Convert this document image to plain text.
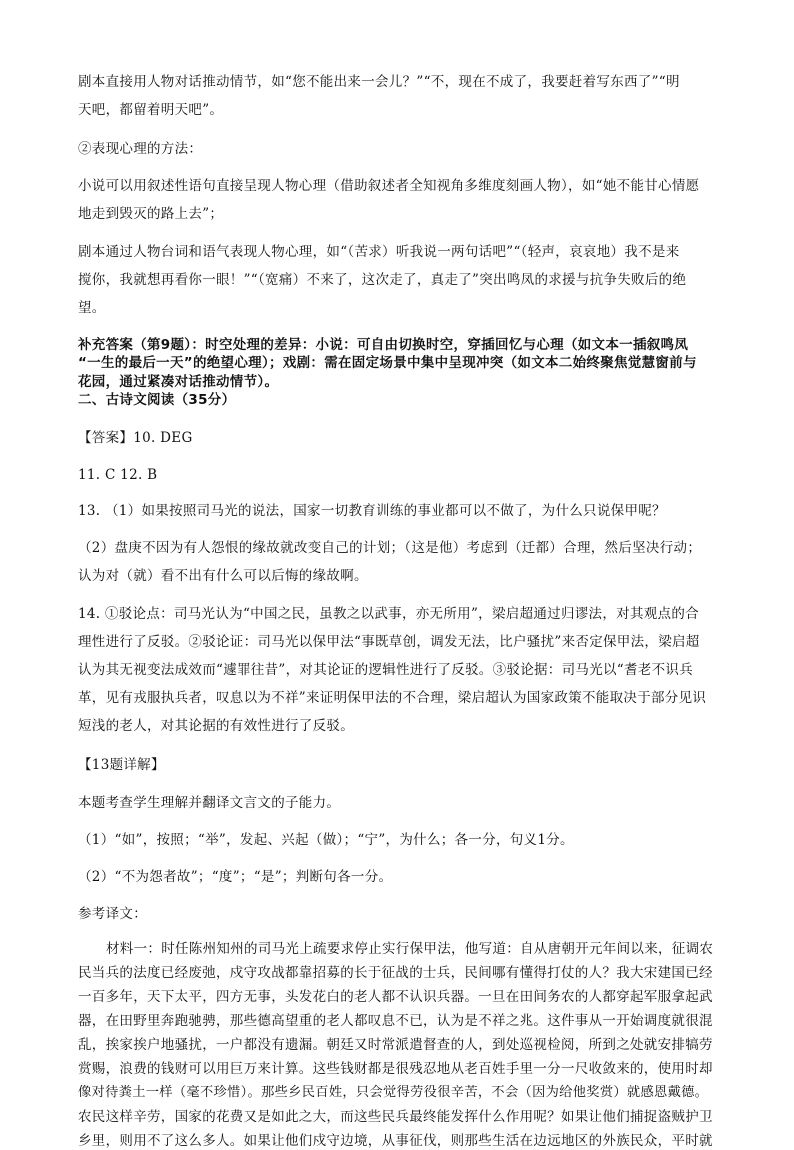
剧本直接用人物对话推动情节，如“您不能出来一会儿？”“不，现在不成了，我要赶着写东西了”“明
天吧，都留着明天吧”。
②表现心理的方法：
小说可以用叙述性语句直接呈现人物心理（借助叙述者全知视角多维度刻画人物），如“她不能甘心情愿
地走到毁灭的路上去”；
剧本通过人物台词和语气表现人物心理，如“（苦求）听我说一两句话吧”“（轻声，哀哀地）我不是来
搅你，我就想再看你一眼！”“（宽痛）不来了，这次走了，真走了”突出鸣凤的求援与抗争失败后的绝
望。
补充答案（第9题）：时空处理的差异：小说：可自由切换时空，穿插回忆与心理（如文本一插叙鸣凤
“一生的最后一天”的绝望心理）；戏剧：需在固定场景中集中呈现冲突（如文本二始终聚焦觉慧窗前与
花园，通过紧凑对话推动情节）。
二、古诗文阅读（35分）
【答案】10. DEG
11. C 12. B
13. （1）如果按照司马光的说法，国家一切教育训练的事业都可以不做了，为什么只说保甲呢？
（2）盘庚不因为有人怨恨的缘故就改变自己的计划；（这是他）考虑到（迁都）合理，然后坚决行动；
认为对（就）看不出有什么可以后悔的缘故啊。
14. ①驳论点：司马光认为“中国之民，虽教之以武事，亦无所用”，梁启超通过归谬法，对其观点的合
理性进行了反驳。②驳论证：司马光以保甲法“事既草创，调发无法，比户骚扰”来否定保甲法，梁启超
认为其无视变法成效而“遽罪往昔”，对其论证的逻辑性进行了反驳。③驳论据：司马光以“耆老不识兵
革，见有戎服执兵者，叹息以为不祥”来证明保甲法的不合理，梁启超认为国家政策不能取决于部分见识
短浅的老人，对其论据的有效性进行了反驳。
【13题详解】
本题考查学生理解并翻译文言文的子能力。
（1）“如”，按照；“举”，发起、兴起（做）；“宁”，为什么；各一分，句义1分。
（2）“不为怨者故”；“度”；“是”；判断句各一分。
参考译文：
材料一：时任陈州知州的司马光上疏要求停止实行保甲法，他写道：自从唐朝开元年间以来，征调农
民当兵的法度已经废弛，戍守攻战都靠招募的长于征战的士兵，民间哪有懂得打仗的人？我大宋建国已经
一百多年，天下太平，四方无事，头发花白的老人都不认识兵器。一旦在田间务农的人都穿起军服拿起武
器，在田野里奔跑驰骋，那些德高望重的老人都叹息不已，认为是不祥之兆。这件事从一开始调度就很混
乱，挨家挨户地骚扰，一户都没有遗漏。朝廷又时常派遣督查的人，到处巡视检阅，所到之处就安排犒劳
赏赐，浪费的钱财可以用巨万来计算。这些钱财都是很残忍地从老百姓手里一分一尺收敛来的，使用时却
像对待粪土一样（毫不珍惜）。那些乡民百姓，只会觉得劳役很辛苦，不会（因为给他奖赏）就感恩戴德。
农民这样辛劳，国家的花费又是如此之大，而这些民兵最终能发挥什么作用呢？如果让他们捕捉盗贼护卫
乡里，则用不了这么多人。如果让他们戍守边境，从事征伐，则那些生活在边远地区的外族民众，平时就
